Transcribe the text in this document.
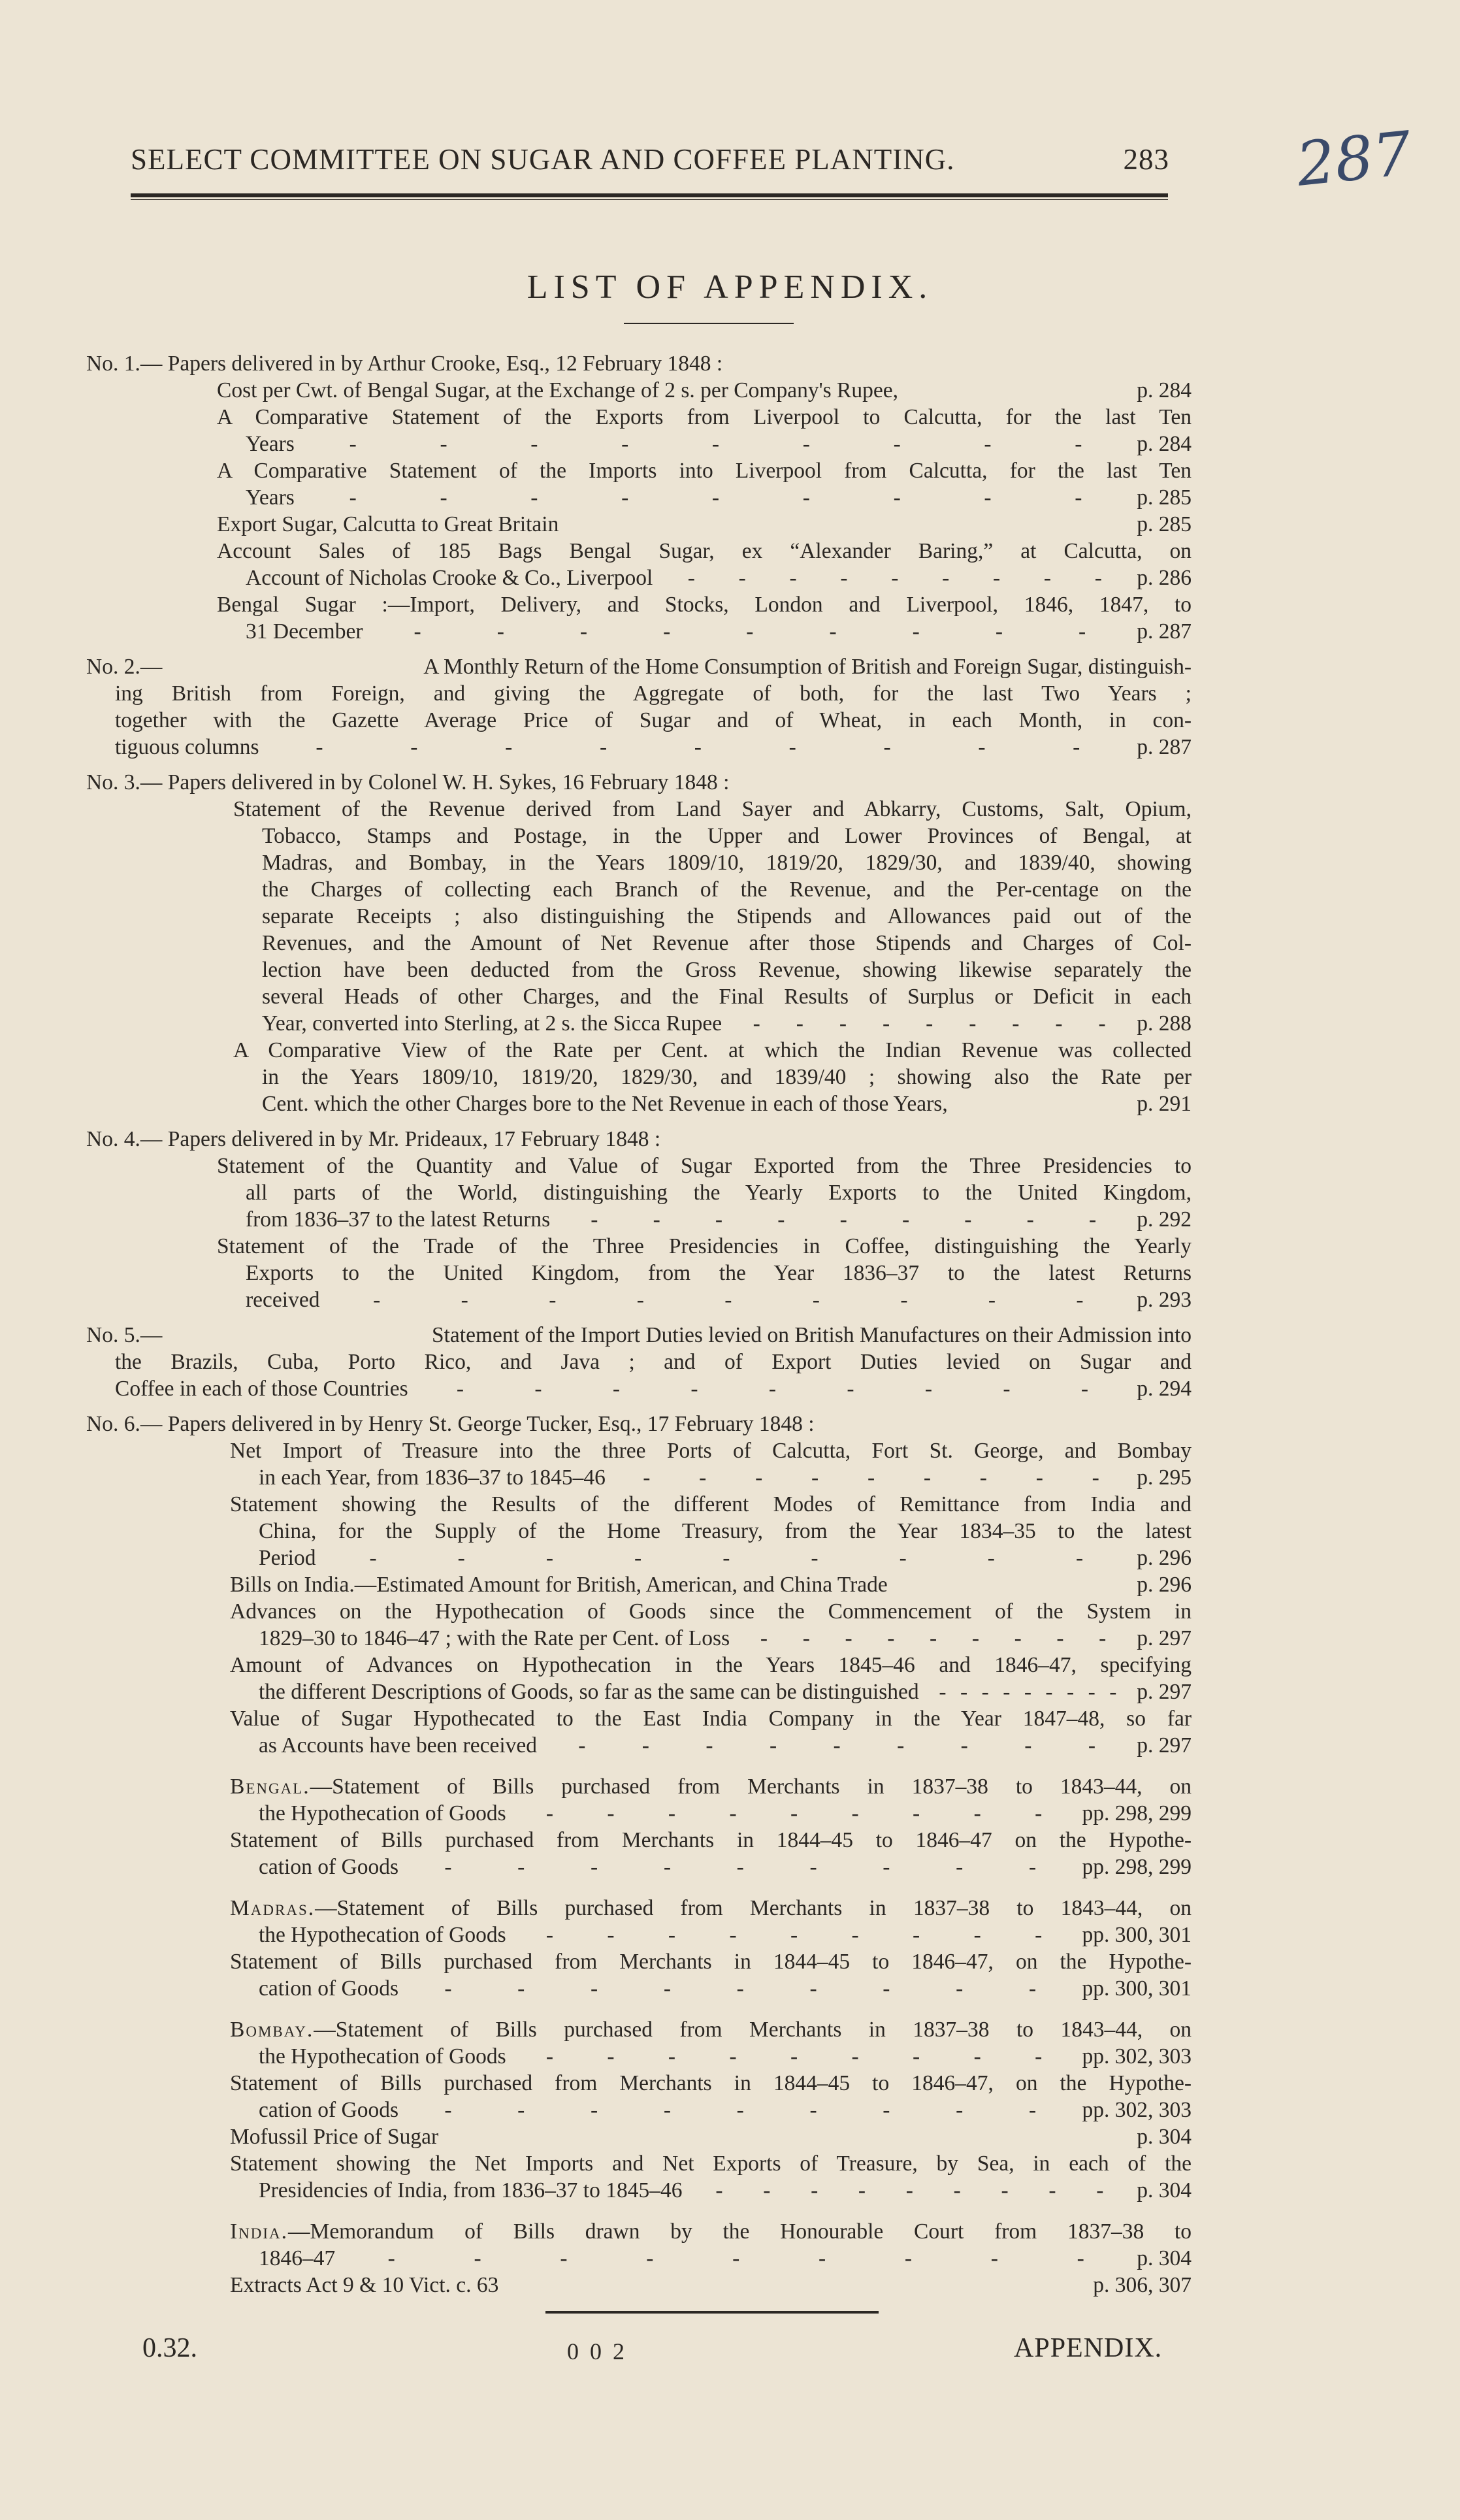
SELECT COMMITTEE ON SUGAR AND COFFEE PLANTING.	283 287
LIST OF APPENDIX.
No. 1.— Papers delivered in by Arthur Crooke, Esq., 12 February 1848 :
Cost per Cwt. of Bengal Sugar, at the Exchange of 2 s. per Company's Rupee,	p. 284
A Comparative Statement of the Exports from Liverpool to Calcutta, for the last Ten
Years	-	-	-	-	-	-	-	-	-	p. 284
A Comparative Statement of the Imports into Liverpool from Calcutta, for the last Ten
Years	-	-	-	-	-	-	-	-	-	p. 285
Export Sugar, Calcutta to Great Britain	p. 285
Account Sales of 185 Bags Bengal Sugar, ex “Alexander Baring,” at Calcutta, on
Account of Nicholas Crooke & Co., Liverpool - - - - - - - - - p. 286
Bengal Sugar :—Import, Delivery, and Stocks, London and Liverpool, 1846, 1847, to
31 December -	-	-	-	-	-	-	-	- p. 287
No. 2.—	A Monthly Return of the Home Consumption of British and Foreign Sugar, distinguish-
ing British from Foreign, and giving the Aggregate of both, for the last Two Years ;
together with the Gazette Average Price of Sugar and of Wheat, in each Month, in con-
tiguous columns	-	-	-	-	-	-	-	-	-	p. 287
No. 3.— Papers delivered in by Colonel W. H. Sykes, 16 February 1848 :
Statement of the Revenue derived from Land Sayer and Abkarry, Customs, Salt, Opium,
Tobacco, Stamps and Postage, in the Upper and Lower Provinces of Bengal, at
Madras, and Bombay, in the Years 1809/10, 1819/20, 1829/30, and 1839/40, showing
the Charges of collecting each Branch of the Revenue, and the Per-centage on the
separate Receipts ; also distinguishing the Stipends and Allowances paid out of the
Revenues, and the Amount of Net Revenue after those Stipends and Charges of Col-
lection have been deducted from the Gross Revenue, showing likewise separately the
several Heads of other Charges, and the Final Results of Surplus or Deficit in each
Year, converted into Sterling, at 2 s. the Sicca Rupee - - - - - - - - - p. 288
A Comparative View of the Rate per Cent. at which the Indian Revenue was collected
in the Years 1809/10, 1819/20, 1829/30, and 1839/40 ; showing also the Rate per
Cent. which the other Charges bore to the Net Revenue in each of those Years,	p. 291
No. 4.— Papers delivered in by Mr. Prideaux, 17 February 1848 :
Statement of the Quantity and Value of Sugar Exported from the Three Presidencies to
all parts of the World, distinguishing the Yearly Exports to the United Kingdom,
from 1836–37 to the latest Returns -	-	-	-	-	-	-	-	- p. 292
Statement of the Trade of the Three Presidencies in Coffee, distinguishing the Yearly
Exports to the United Kingdom, from the Year 1836–37 to the latest Returns
received -	-	-	-	-	-	-	-	- p. 293
No. 5.—	Statement of the Import Duties levied on British Manufactures on their Admission into
the Brazils, Cuba, Porto Rico, and Java ; and of Export Duties levied on Sugar and
Coffee in each of those Countries -	-	-	-	-	-	-	-	- p. 294
No. 6.— Papers delivered in by Henry St. George Tucker, Esq., 17 February 1848 :
Net Import of Treasure into the three Ports of Calcutta, Fort St. George, and Bombay
in each Year, from 1836–37 to 1845–46 - - - - - - - - - p. 295
Statement showing the Results of the different Modes of Remittance from India and
China, for the Supply of the Home Treasury, from the Year 1834–35 to the latest
Period -	-	-	-	-	-	-	-	- p. 296
Bills on India.—Estimated Amount for British, American, and China Trade	p. 296
Advances on the Hypothecation of Goods since the Commencement of the System in
1829–30 to 1846–47 ; with the Rate per Cent. of Loss - - - - - - - - - p. 297
Amount of Advances on Hypothecation in the Years 1845–46 and 1846–47, specifying
the different Descriptions of Goods, so far as the same can be distinguished - - - - - - - - - p. 297
Value of Sugar Hypothecated to the East India Company in the Year 1847–48, so far
as Accounts have been received -	-	-	-	-	-	-	-	- p. 297
Bengal.—Statement of Bills purchased from Merchants in 1837–38 to 1843–44, on
the Hypothecation of Goods - - - - - - - - - pp. 298, 299
Statement of Bills purchased from Merchants in 1844–45 to 1846–47 on the Hypothe-
cation of Goods -	-	-	-	-	-	-	-	- pp. 298, 299
Madras.—Statement of Bills purchased from Merchants in 1837–38 to 1843–44, on
the Hypothecation of Goods - - - - - - - - - pp. 300, 301
Statement of Bills purchased from Merchants in 1844–45 to 1846–47, on the Hypothe-
cation of Goods -	-	-	-	-	-	-	-	- pp. 300, 301
Bombay.—Statement of Bills purchased from Merchants in 1837–38 to 1843–44, on
the Hypothecation of Goods - - - - - - - - - pp. 302, 303
Statement of Bills purchased from Merchants in 1844–45 to 1846–47, on the Hypothe-
cation of Goods -	-	-	-	-	-	-	-	- pp. 302, 303
Mofussil Price of Sugar	p. 304
Statement showing the Net Imports and Net Exports of Treasure, by Sea, in each of the
Presidencies of India, from 1836–37 to 1845–46 - - - - - - - - - p. 304
India.—Memorandum of Bills drawn by the Honourable Court from 1837–38 to
1846–47 -	-	-	-	-	-	-	-	- p. 304
Extracts Act 9 & 10 Vict. c. 63	p. 306, 307
0.32.	0 0 2	APPENDIX.
